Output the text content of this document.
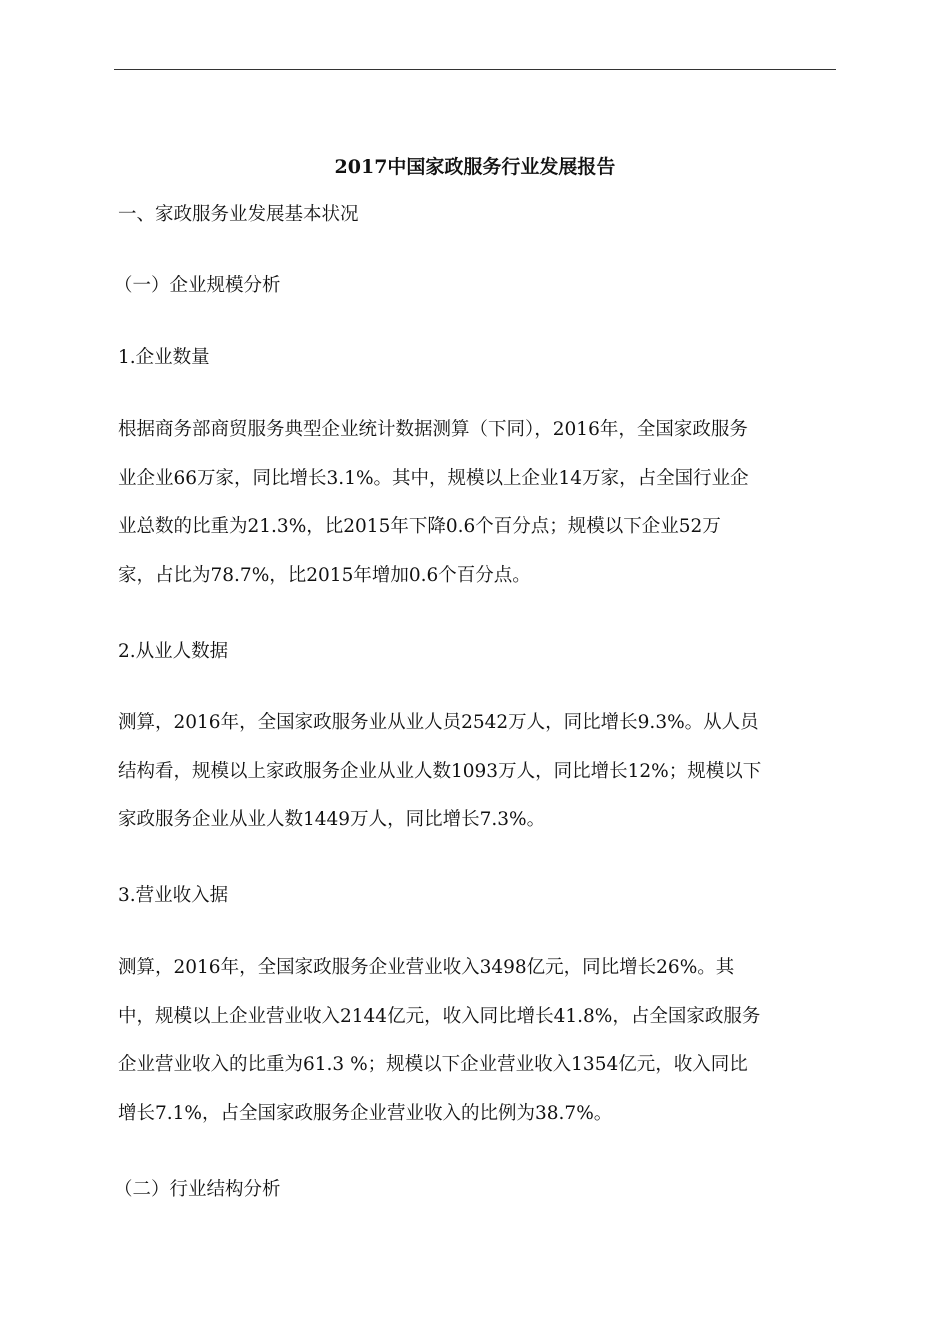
2017中国家政服务行业发展报告

一、家政服务业发展基本状况

（一）企业规模分析

1.企业数量

根据商务部商贸服务典型企业统计数据测算（下同），2016年，全国家政服务
业企业66万家，同比增长3.1%。其中，规模以上企业14万家，占全国行业企
业总数的比重为21.3%，比2015年下降0.6个百分点；规模以下企业52万
家，占比为78.7%，比2015年增加0.6个百分点。

2.从业人数据

测算，2016年，全国家政服务业从业人员2542万人，同比增长9.3%。从人员
结构看，规模以上家政服务企业从业人数1093万人，同比增长12%；规模以下
家政服务企业从业人数1449万人，同比增长7.3%。

3.营业收入据

测算，2016年，全国家政服务企业营业收入3498亿元，同比增长26%。其
中，规模以上企业营业收入2144亿元，收入同比增长41.8%，占全国家政服务
企业营业收入的比重为61.3 %；规模以下企业营业收入1354亿元，收入同比
增长7.1%，占全国家政服务企业营业收入的比例为38.7%。

（二）行业结构分析
